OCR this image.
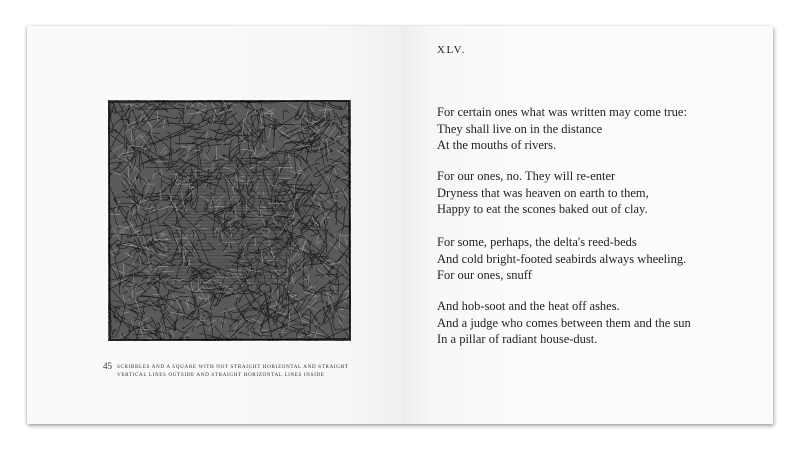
45 SCRIBBLES AND A SQUARE WITH NOT STRAIGHT HORIZONTAL AND STRAIGHT
VERTICAL LINES OUTSIDE AND STRAIGHT HORIZONTAL LINES INSIDE
XLV.
For certain ones what was written may come true:
They shall live on in the distance
At the mouths of rivers.
For our ones, no. They will re-enter
Dryness that was heaven on earth to them,
Happy to eat the scones baked out of clay.
For some, perhaps, the delta's reed-beds
And cold bright-footed seabirds always wheeling.
For our ones, snuff
And hob-soot and the heat off ashes.
And a judge who comes between them and the sun
In a pillar of radiant house-dust.
